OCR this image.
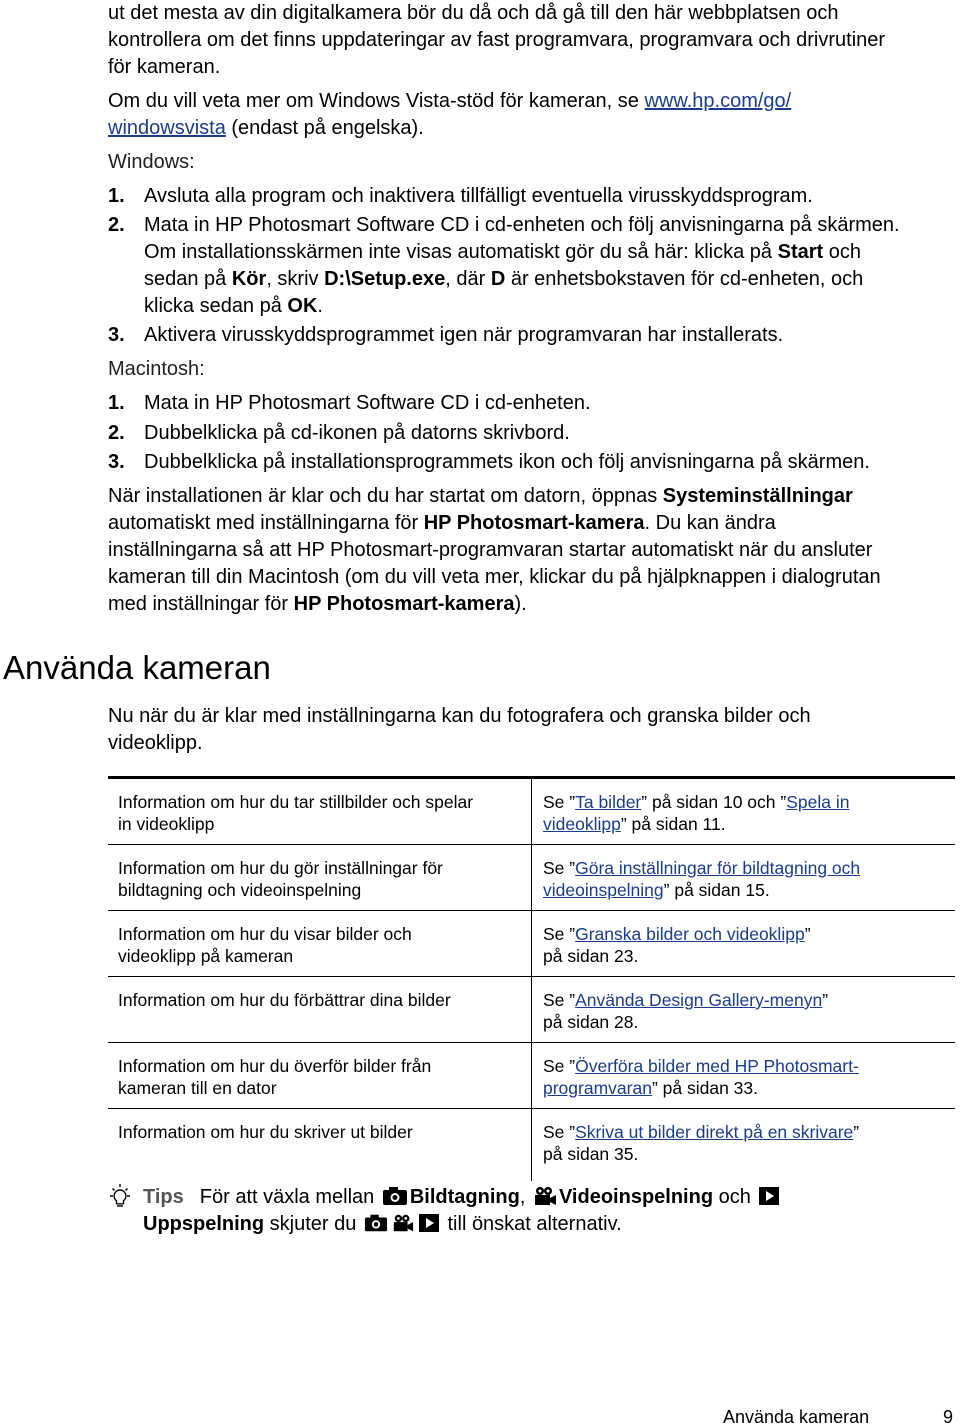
ut det mesta av din digitalkamera bör du då och då gå till den här webbplatsen och
kontrollera om det finns uppdateringar av fast programvara, programvara och drivrutiner
för kameran.
Om du vill veta mer om Windows Vista-stöd för kameran, se www.hp.com/go/
windowsvista (endast på engelska).
Windows:
1. Avsluta alla program och inaktivera tillfälligt eventuella virusskyddsprogram.
2. Mata in HP Photosmart Software CD i cd-enheten och följ anvisningarna på skärmen.
Om installationsskärmen inte visas automatiskt gör du så här: klicka på Start och
sedan på Kör, skriv D:\Setup.exe, där D är enhetsbokstaven för cd-enheten, och
klicka sedan på OK.
3. Aktivera virusskyddsprogrammet igen när programvaran har installerats.
Macintosh:
1. Mata in HP Photosmart Software CD i cd-enheten.
2. Dubbelklicka på cd-ikonen på datorns skrivbord.
3. Dubbelklicka på installationsprogrammets ikon och följ anvisningarna på skärmen.
När installationen är klar och du har startat om datorn, öppnas Systeminställningar
automatiskt med inställningarna för HP Photosmart-kamera. Du kan ändra
inställningarna så att HP Photosmart-programvaran startar automatiskt när du ansluter
kameran till din Macintosh (om du vill veta mer, klickar du på hjälpknappen i dialogrutan
med inställningar för HP Photosmart-kamera).
Använda kameran
Nu när du är klar med inställningarna kan du fotografera och granska bilder och
videoklipp.
Information om hur du tar stillbilder och spelar
in videoklipp	Se ”Ta bilder” på sidan 10 och ”Spela in
videoklipp” på sidan 11.
Information om hur du gör inställningar för
bildtagning och videoinspelning	Se ”Göra inställningar för bildtagning och
videoinspelning” på sidan 15.
Information om hur du visar bilder och
videoklipp på kameran	Se ”Granska bilder och videoklipp”
på sidan 23.
Information om hur du förbättrar dina bilder	Se ”Använda Design Gallery-menyn”
på sidan 28.
Information om hur du överför bilder från
kameran till en dator	Se ”Överföra bilder med HP Photosmart-
programvaran” på sidan 33.
Information om hur du skriver ut bilder	Se ”Skriva ut bilder direkt på en skrivare”
på sidan 35.
Tips För att växla mellan Bildtagning, Videoinspelning och
Uppspelning skjuter du	till önskat alternativ.
Använda kameran	9
